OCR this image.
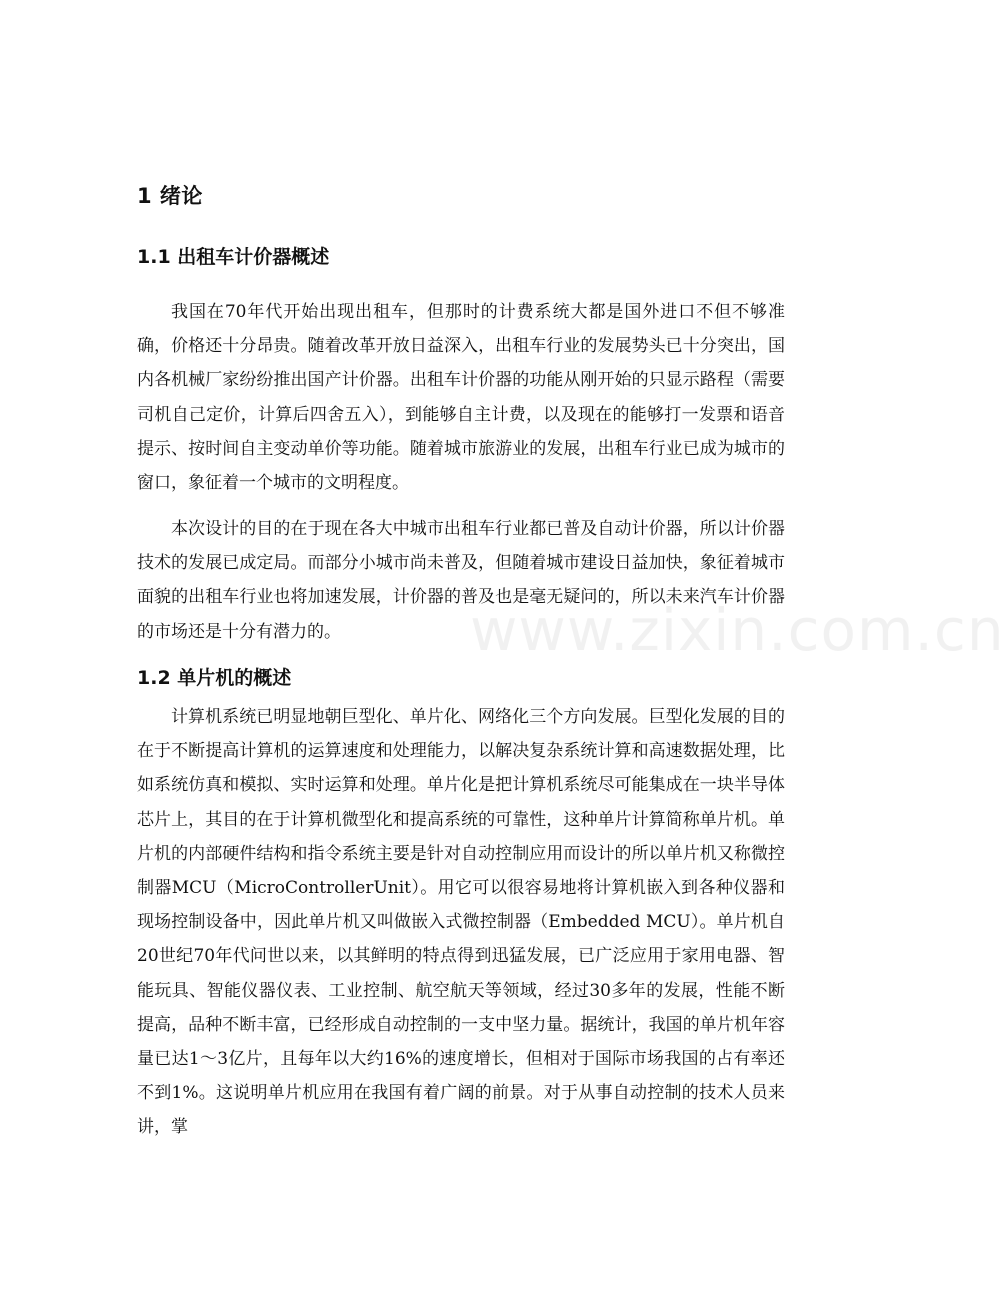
www.zixin.com.cn
1 绪论
1.1 出租车计价器概述

我国在70年代开始出现出租车，但那时的计费系统大都是国外进口不但不够准确，价格还十分昂贵。随着改革开放日益深入，出租车行业的发展势头已十分突出，国内各机械厂家纷纷推出国产计价器。出租车计价器的功能从刚开始的只显示路程（需要司机自己定价，计算后四舍五入），到能够自主计费，以及现在的能够打一发票和语音提示、按时间自主变动单价等功能。随着城市旅游业的发展，出租车行业已成为城市的窗口，象征着一个城市的文明程度。

本次设计的目的在于现在各大中城市出租车行业都已普及自动计价器，所以计价器技术的发展已成定局。而部分小城市尚未普及，但随着城市建设日益加快，象征着城市面貌的出租车行业也将加速发展，计价器的普及也是毫无疑问的，所以未来汽车计价器的市场还是十分有潜力的。

1.2 单片机的概述

计算机系统已明显地朝巨型化、单片化、网络化三个方向发展。巨型化发展的目的在于不断提高计算机的运算速度和处理能力，以解决复杂系统计算和高速数据处理，比如系统仿真和模拟、实时运算和处理。单片化是把计算机系统尽可能集成在一块半导体芯片上，其目的在于计算机微型化和提高系统的可靠性，这种单片计算简称单片机。单片机的内部硬件结构和指令系统主要是针对自动控制应用而设计的所以单片机又称微控制器MCU（MicroControllerUnit）。用它可以很容易地将计算机嵌入到各种仪器和现场控制设备中，因此单片机又叫做嵌入式微控制器（Embedded MCU）。单片机自20世纪70年代问世以来，以其鲜明的特点得到迅猛发展，已广泛应用于家用电器、智能玩具、智能仪器仪表、工业控制、航空航天等领域，经过30多年的发展，性能不断提高，品种不断丰富，已经形成自动控制的一支中坚力量。据统计，我国的单片机年容量已达1～3亿片，且每年以大约16%的速度增长，但相对于国际市场我国的占有率还不到1%。这说明单片机应用在我国有着广阔的前景。对于从事自动控制的技术人员来讲，掌
